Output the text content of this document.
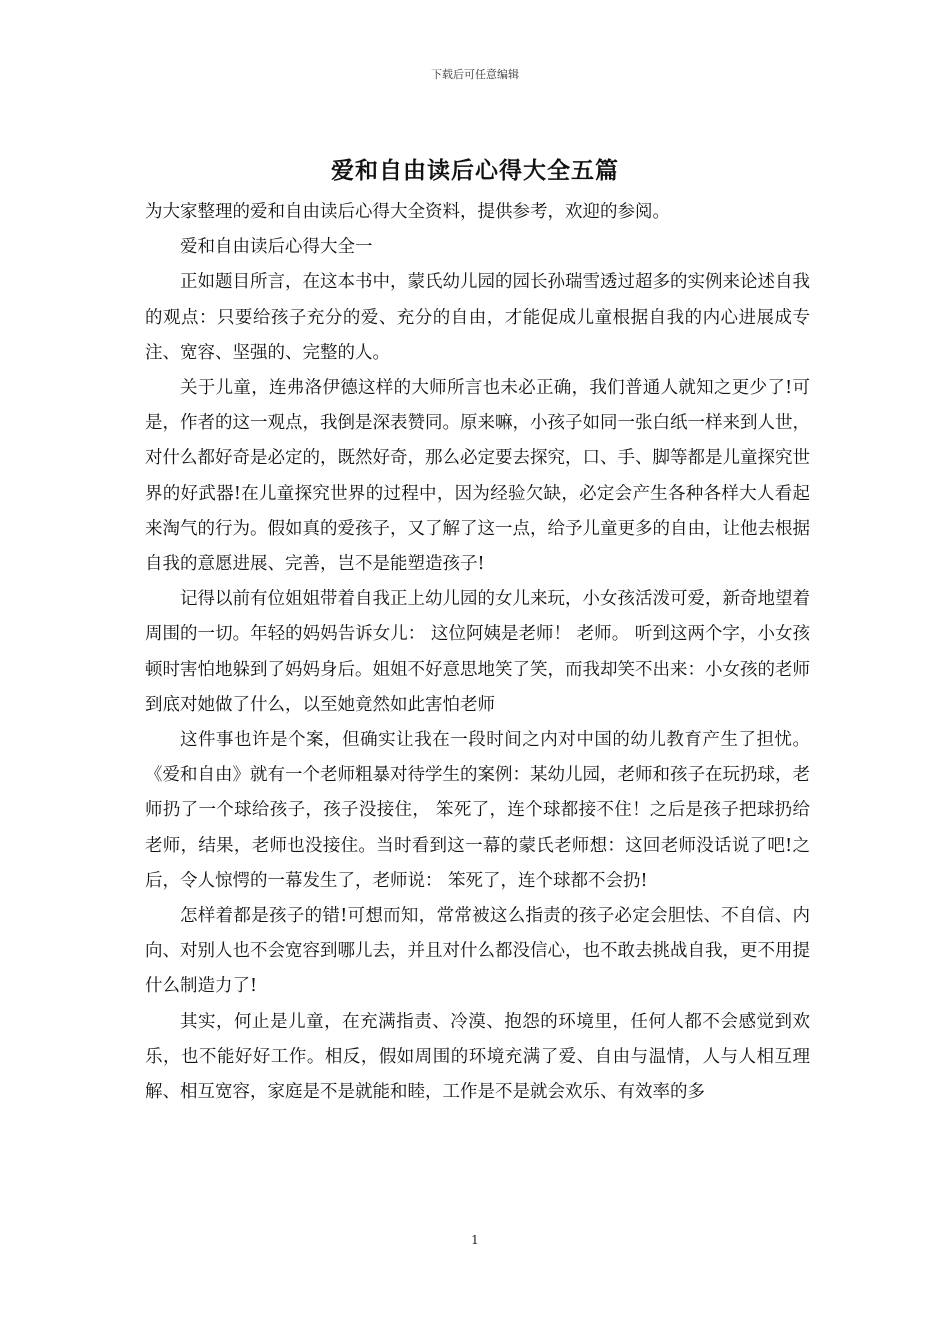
下载后可任意编辑
爱和自由读后心得大全五篇

为大家整理的爱和自由读后心得大全资料，提供参考，欢迎的参阅。

爱和自由读后心得大全一

正如题目所言，在这本书中，蒙氏幼儿园的园长孙瑞雪透过超多的实例来论述自我的观点：只要给孩子充分的爱、充分的自由，才能促成儿童根据自我的内心进展成专注、宽容、坚强的、完整的人。

关于儿童，连弗洛伊德这样的大师所言也未必正确，我们普通人就知之更少了!可是，作者的这一观点，我倒是深表赞同。原来嘛，小孩子如同一张白纸一样来到人世，对什么都好奇是必定的，既然好奇，那么必定要去探究，口、手、脚等都是儿童探究世界的好武器!在儿童探究世界的过程中，因为经验欠缺，必定会产生各种各样大人看起来淘气的行为。假如真的爱孩子，又了解了这一点，给予儿童更多的自由，让他去根据自我的意愿进展、完善，岂不是能塑造孩子!

记得以前有位姐姐带着自我正上幼儿园的女儿来玩，小女孩活泼可爱，新奇地望着周围的一切。年轻的妈妈告诉女儿： 这位阿姨是老师！ 老师。 听到这两个字，小女孩顿时害怕地躲到了妈妈身后。姐姐不好意思地笑了笑，而我却笑不出来：小女孩的老师到底对她做了什么，以至她竟然如此害怕老师

这件事也许是个案，但确实让我在一段时间之内对中国的幼儿教育产生了担忧。《爱和自由》就有一个老师粗暴对待学生的案例：某幼儿园，老师和孩子在玩扔球，老师扔了一个球给孩子，孩子没接住， 笨死了，连个球都接不住！之后是孩子把球扔给老师，结果，老师也没接住。当时看到这一幕的蒙氏老师想：这回老师没话说了吧!之后，令人惊愕的一幕发生了，老师说： 笨死了，连个球都不会扔!

怎样着都是孩子的错!可想而知，常常被这么指责的孩子必定会胆怯、不自信、内向、对别人也不会宽容到哪儿去，并且对什么都没信心，也不敢去挑战自我，更不用提什么制造力了!

其实，何止是儿童，在充满指责、冷漠、抱怨的环境里，任何人都不会感觉到欢乐，也不能好好工作。相反，假如周围的环境充满了爱、自由与温情，人与人相互理解、相互宽容，家庭是不是就能和睦，工作是不是就会欢乐、有效率的多

1
